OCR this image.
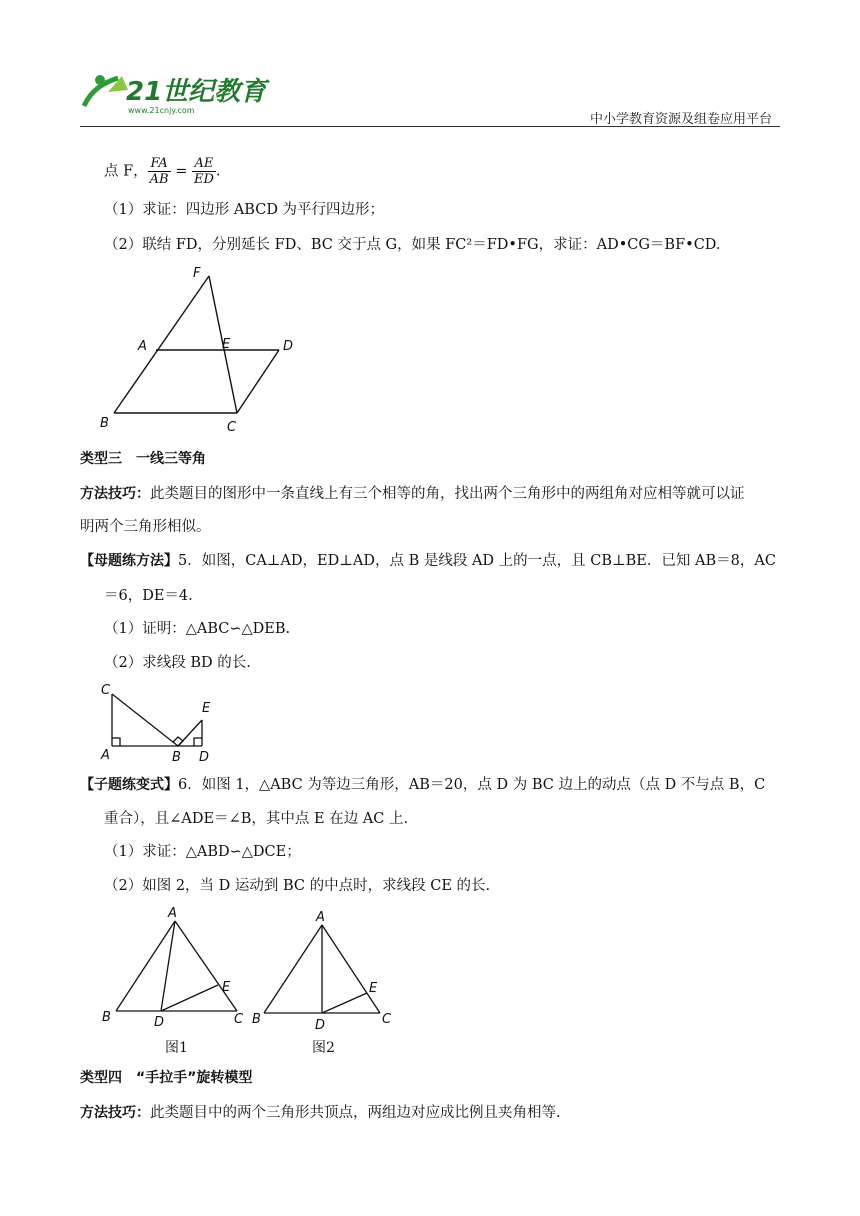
21世纪教育
www.21cnjy.com
中小学教育资源及组卷应用平台
点 F， $\frac{FA}{AB} = \frac{AE}{ED}$ .
（1）求证：四边形 ABCD 为平行四边形；
（2）联结 FD，分别延长 FD、BC 交于点 G，如果 FC²＝FD•FG，求证：AD•CG＝BF•CD.
F
A	E	D
B	C
类型三　一线三等角
方法技巧：此类题目的图形中一条直线上有三个相等的角，找出两个三角形中的两组角对应相等就可以证
明两个三角形相似。
【母题练方法】5．如图，CA⊥AD，ED⊥AD，点 B 是线段 AD 上的一点，且 CB⊥BE．已知 AB＝8，AC
＝6，DE＝4.
（1）证明：△ABC∽△DEB.
（2）求线段 BD 的长.
C
E
A	B D
【子题练变式】6．如图 1，△ABC 为等边三角形，AB＝20，点 D 为 BC 边上的动点（点 D 不与点 B，C
重合），且∠ADE＝∠B，其中点 E 在边 AC 上.
（1）求证：△ABD∽△DCE；
（2）如图 2，当 D 运动到 BC 的中点时，求线段 CE 的长.
A
B	D	C
E
图1
A
B	D	C
E
图2
类型四　“手拉手”旋转模型
方法技巧：此类题目中的两个三角形共顶点，两组边对应成比例且夹角相等.
